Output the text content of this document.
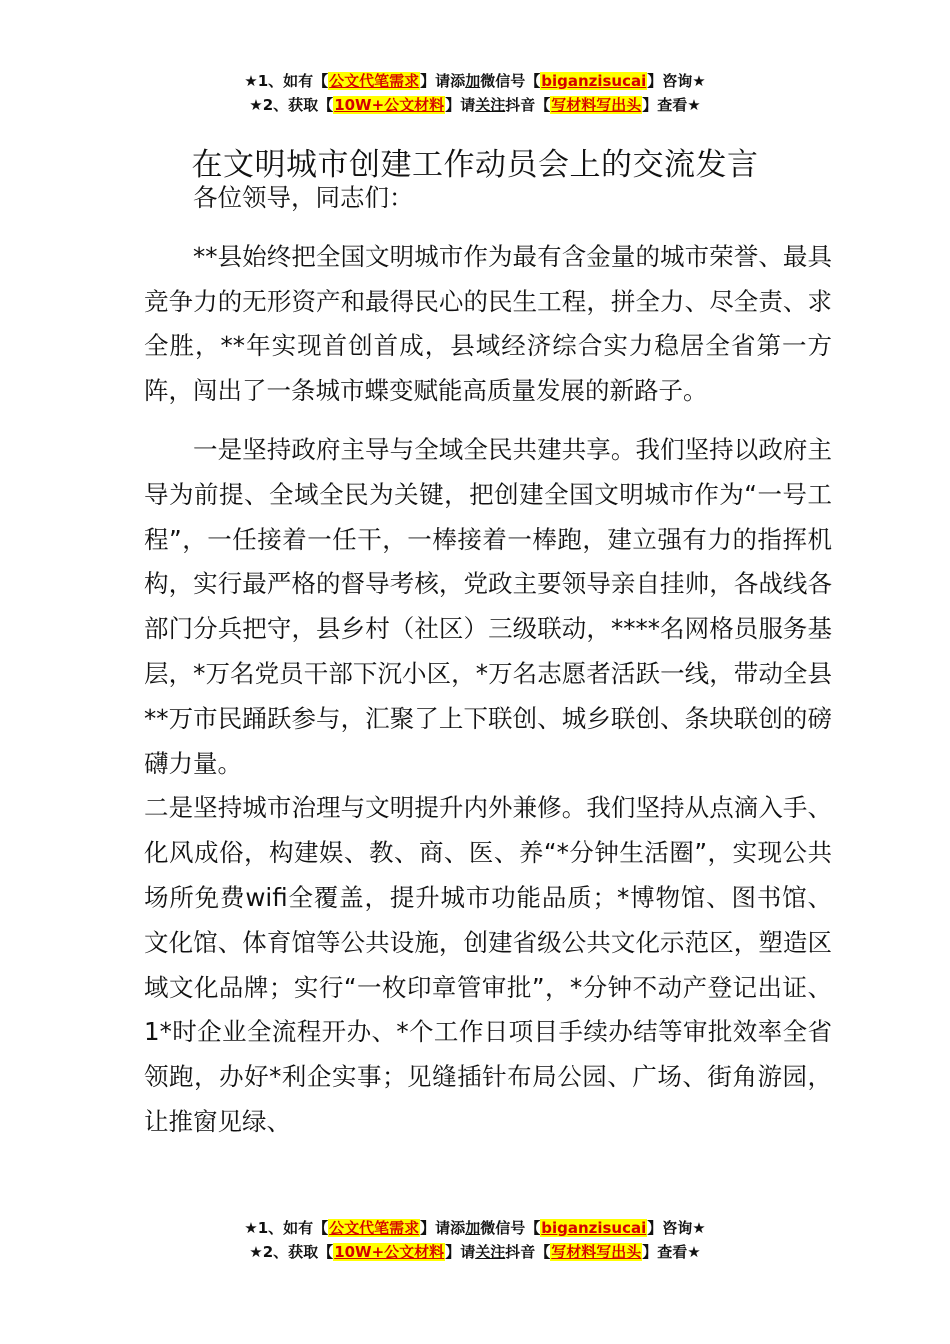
★1、如有【公文代笔需求】请添加微信号【biganzisucai】咨询★
★2、获取【10W+公文材料】请关注抖音【写材料写出头】查看★
在文明城市创建工作动员会上的交流发言

各位领导，同志们：

**县始终把全国文明城市作为最有含金量的城市荣誉、最具竞争力的无形资产和最得民心的民生工程，拼全力、尽全责、求全胜，**年实现首创首成，县域经济综合实力稳居全省第一方阵，闯出了一条城市蝶变赋能高质量发展的新路子。

一是坚持政府主导与全域全民共建共享。我们坚持以政府主导为前提、全域全民为关键，把创建全国文明城市作为“一号工程”，一任接着一任干，一棒接着一棒跑，建立强有力的指挥机构，实行最严格的督导考核，党政主要领导亲自挂帅，各战线各部门分兵把守，县乡村（社区）三级联动，****名网格员服务基层，*万名党员干部下沉小区，*万名志愿者活跃一线，带动全县**万市民踊跃参与，汇聚了上下联创、城乡联创、条块联创的磅礴力量。

二是坚持城市治理与文明提升内外兼修。我们坚持从点滴入手、化风成俗，构建娱、教、商、医、养“*分钟生活圈”，实现公共场所免费wifi全覆盖，提升城市功能品质；*博物馆、图书馆、文化馆、体育馆等公共设施，创建省级公共文化示范区，塑造区域文化品牌；实行“一枚印章管审批”，*分钟不动产登记出证、1*时企业全流程开办、*个工作日项目手续办结等审批效率全省领跑，办好*利企实事；见缝插针布局公园、广场、街角游园，让推窗见绿、

★1、如有【公文代笔需求】请添加微信号【biganzisucai】咨询★
★2、获取【10W+公文材料】请关注抖音【写材料写出头】查看★
